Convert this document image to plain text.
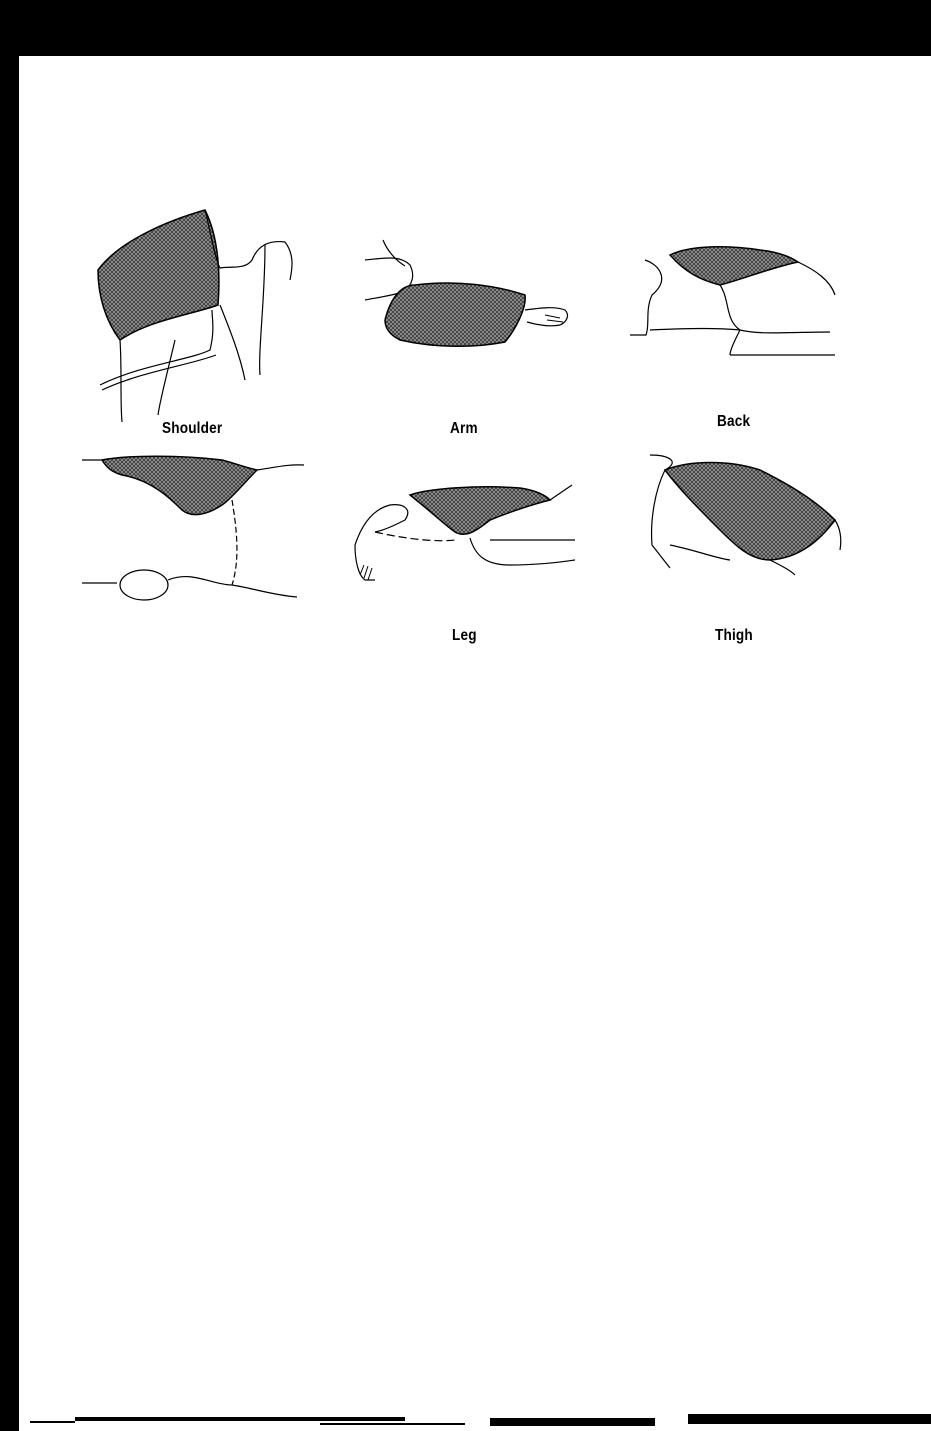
Shoulder	Arm	Back
Leg	Thigh
